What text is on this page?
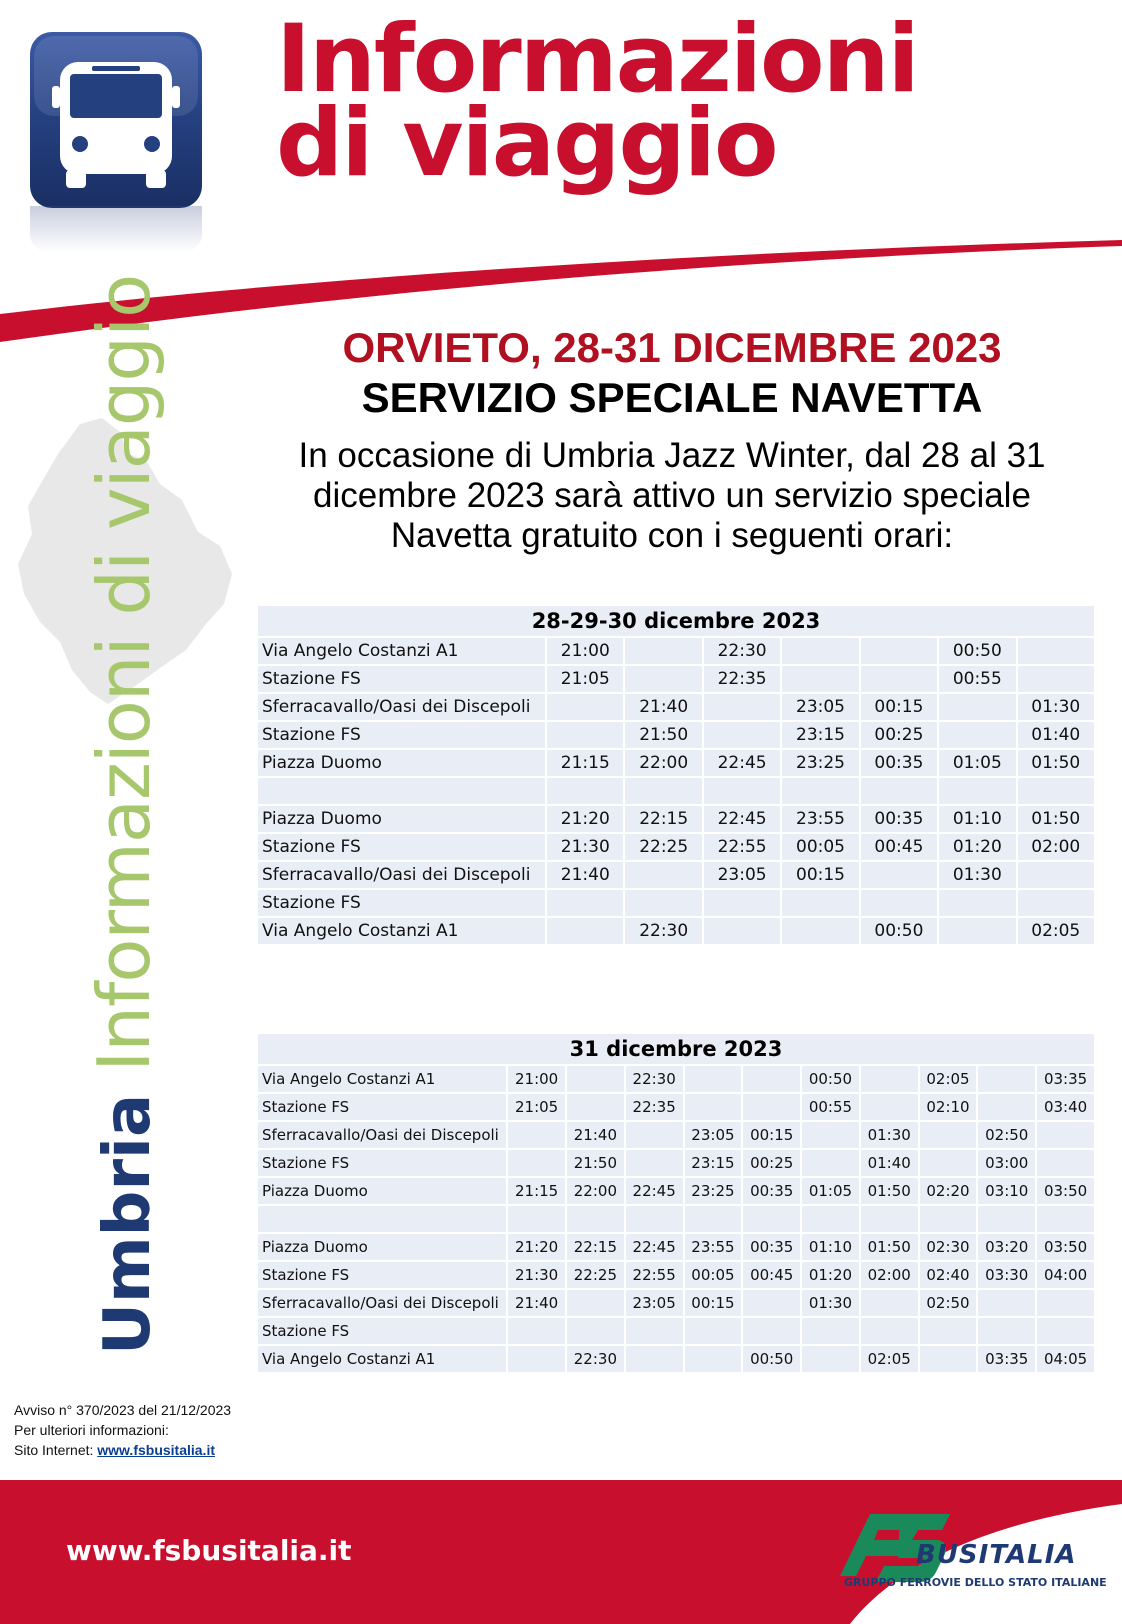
Informazioni
di viaggio
Umbria
Informazioni di viaggio	ORVIETO, 28-31 DICEMBRE 2023
SERVIZIO SPECIALE NAVETTA

In occasione di Umbria Jazz Winter, dal 28 al 31 dicembre 2023 sarà attivo un servizio speciale Navetta gratuito con i seguenti orari:

28-29-30 dicembre 2023							
Via Angelo Costanzi A1	21:00		22:30			00:50	
Stazione FS	21:05		22:35			00:55	
Sferracavallo/Oasi dei Discepoli		21:40		23:05	00:15		01:30
Stazione FS		21:50		23:15	00:25		01:40
Piazza Duomo	21:15	22:00	22:45	23:25	00:35	01:05	01:50

Piazza Duomo	21:20	22:15	22:45	23:55	00:35	01:10	01:50
Stazione FS	21:30	22:25	22:55	00:05	00:45	01:20	02:00
Sferracavallo/Oasi dei Discepoli	21:40		23:05	00:15		01:30	
Stazione FS							
Via Angelo Costanzi A1		22:30			00:50		02:05
31 dicembre 2023										
Via Angelo Costanzi A1	21:00		22:30			00:50		02:05		03:35
Stazione FS	21:05		22:35			00:55		02:10		03:40
Sferracavallo/Oasi dei Discepoli		21:40		23:05	00:15		01:30		02:50	
Stazione FS		21:50		23:15	00:25		01:40		03:00	
Piazza Duomo	21:15	22:00	22:45	23:25	00:35	01:05	01:50	02:20	03:10	03:50

Piazza Duomo	21:20	22:15	22:45	23:55	00:35	01:10	01:50	02:30	03:20	03:50
Stazione FS	21:30	22:25	22:55	00:05	00:45	01:20	02:00	02:40	03:30	04:00
Sferracavallo/Oasi dei Discepoli	21:40		23:05	00:15		01:30		02:50		
Stazione FS										
Via Angelo Costanzi A1		22:30			00:50		02:05		03:35	04:05
Avviso n° 370/2023 del 21/12/2023
Per ulteriori informazioni:
Sito Internet: www.fsbusitalia.it
www.fsbusitalia.it	BUSITALIA
GRUPPO FERROVIE DELLO STATO ITALIANE
